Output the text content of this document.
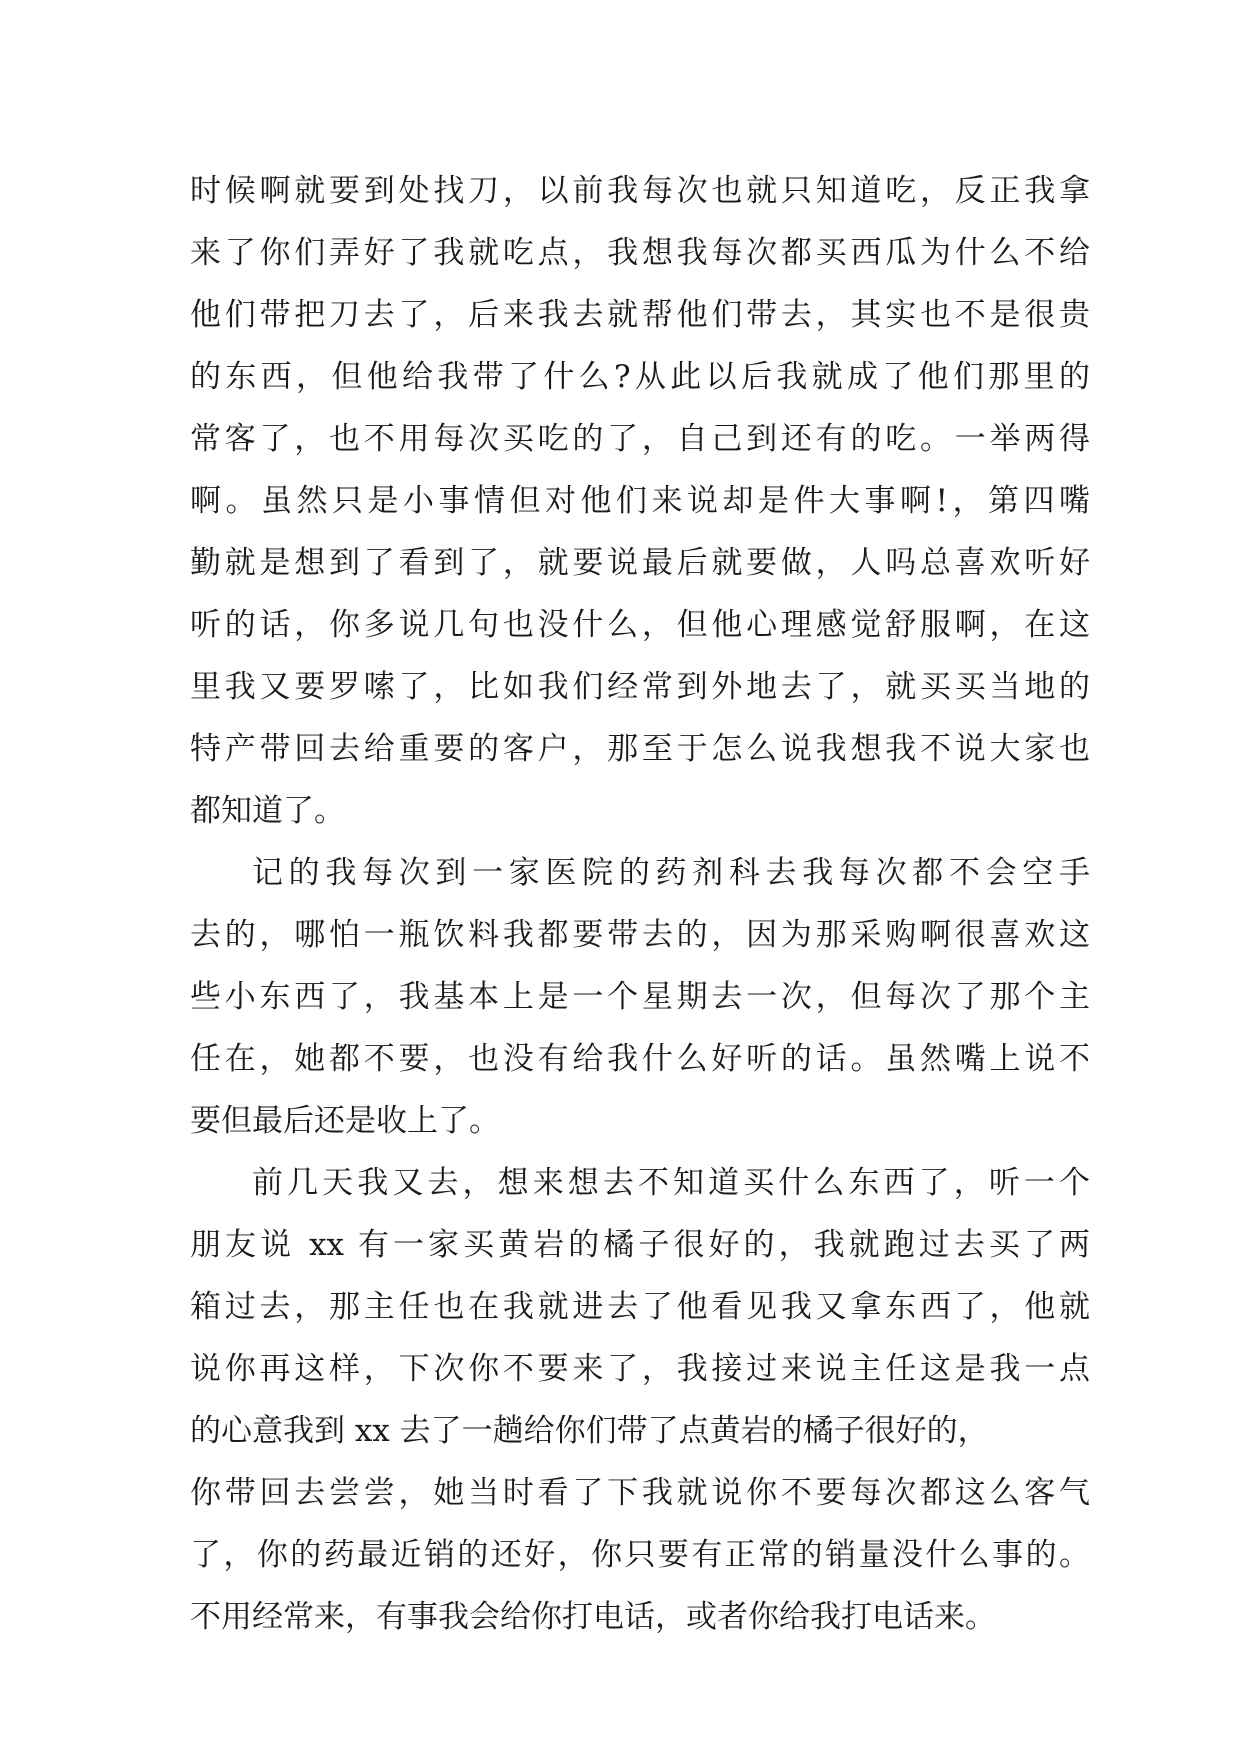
时候啊就要到处找刀，以前我每次也就只知道吃，反正我拿
来了你们弄好了我就吃点，我想我每次都买西瓜为什么不给
他们带把刀去了，后来我去就帮他们带去，其实也不是很贵
的东西，但他给我带了什么?从此以后我就成了他们那里的
常客了，也不用每次买吃的了，自己到还有的吃。一举两得
啊。虽然只是小事情但对他们来说却是件大事啊!，第四嘴
勤就是想到了看到了，就要说最后就要做，人吗总喜欢听好
听的话，你多说几句也没什么，但他心理感觉舒服啊，在这
里我又要罗嗦了，比如我们经常到外地去了，就买买当地的
特产带回去给重要的客户，那至于怎么说我想我不说大家也
都知道了。
记的我每次到一家医院的药剂科去我每次都不会空手
去的，哪怕一瓶饮料我都要带去的，因为那采购啊很喜欢这
些小东西了，我基本上是一个星期去一次，但每次了那个主
任在，她都不要，也没有给我什么好听的话。虽然嘴上说不
要但最后还是收上了。
前几天我又去，想来想去不知道买什么东西了，听一个
朋友说 xx 有一家买黄岩的橘子很好的，我就跑过去买了两
箱过去，那主任也在我就进去了他看见我又拿东西了，他就
说你再这样，下次你不要来了，我接过来说主任这是我一点
的心意我到 xx 去了一趟给你们带了点黄岩的橘子很好的，
你带回去尝尝，她当时看了下我就说你不要每次都这么客气
了，你的药最近销的还好，你只要有正常的销量没什么事的。
不用经常来，有事我会给你打电话，或者你给我打电话来。
